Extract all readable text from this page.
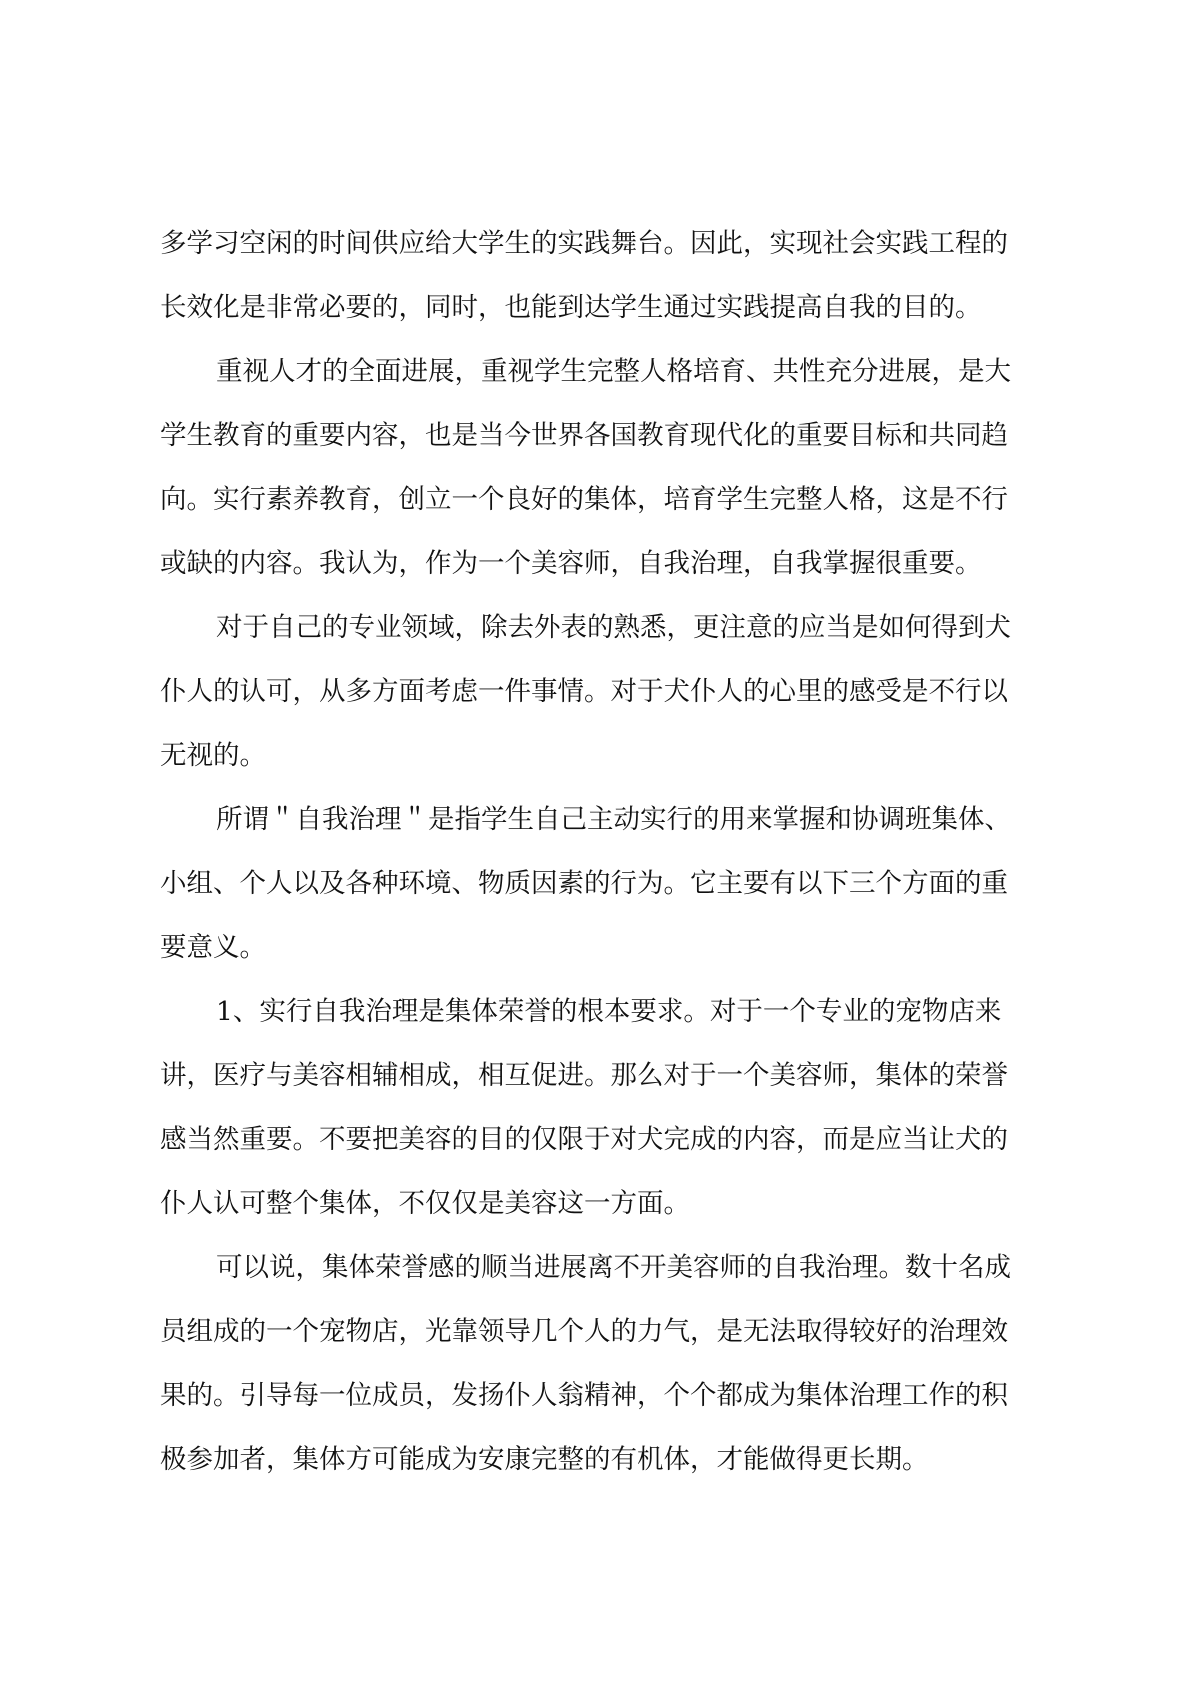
多学习空闲的时间供应给大学生的实践舞台。因此，实现社会实践工程的
长效化是非常必要的，同时，也能到达学生通过实践提高自我的目的。
重视人才的全面进展，重视学生完整人格培育、共性充分进展，是大
学生教育的重要内容，也是当今世界各国教育现代化的重要目标和共同趋
向。实行素养教育，创立一个良好的集体，培育学生完整人格，这是不行
或缺的内容。我认为，作为一个美容师，自我治理，自我掌握很重要。
对于自己的专业领域，除去外表的熟悉，更注意的应当是如何得到犬
仆人的认可，从多方面考虑一件事情。对于犬仆人的心里的感受是不行以
无视的。
所谓＂自我治理＂是指学生自己主动实行的用来掌握和协调班集体、
小组、个人以及各种环境、物质因素的行为。它主要有以下三个方面的重
要意义。
1、实行自我治理是集体荣誉的根本要求。对于一个专业的宠物店来
讲，医疗与美容相辅相成，相互促进。那么对于一个美容师，集体的荣誉
感当然重要。不要把美容的目的仅限于对犬完成的内容，而是应当让犬的
仆人认可整个集体，不仅仅是美容这一方面。
可以说，集体荣誉感的顺当进展离不开美容师的自我治理。数十名成
员组成的一个宠物店，光靠领导几个人的力气，是无法取得较好的治理效
果的。引导每一位成员，发扬仆人翁精神，个个都成为集体治理工作的积
极参加者，集体方可能成为安康完整的有机体，才能做得更长期。
